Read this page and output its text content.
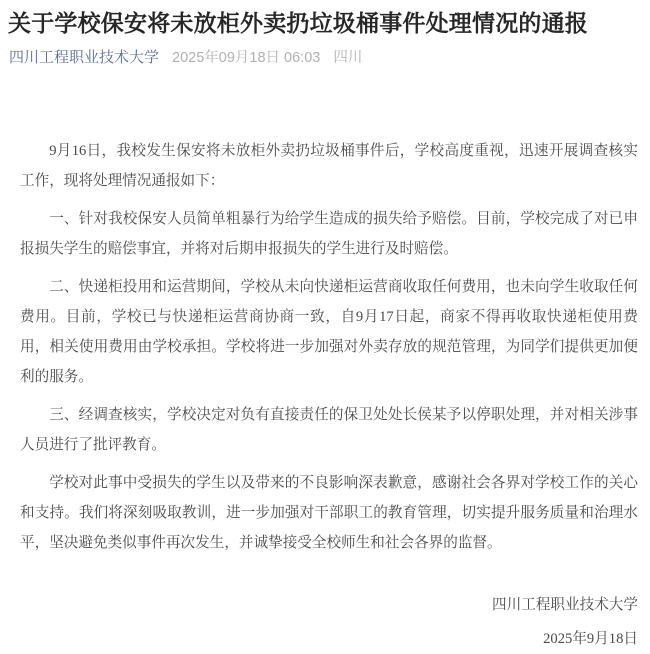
关于学校保安将未放柜外卖扔垃圾桶事件处理情况的通报
四川工程职业技术大学 2025年09月18日 06:03 四川

9月16日，我校发生保安将未放柜外卖扔垃圾桶事件后，学校高度重视，迅速开展调查核实工作，现将处理情况通报如下：

一、针对我校保安人员简单粗暴行为给学生造成的损失给予赔偿。目前，学校完成了对已申报损失学生的赔偿事宜，并将对后期申报损失的学生进行及时赔偿。

二、快递柜投用和运营期间，学校从未向快递柜运营商收取任何费用，也未向学生收取任何费用。目前，学校已与快递柜运营商协商一致，自9月17日起，商家不得再收取快递柜使用费用，相关使用费用由学校承担。学校将进一步加强对外卖存放的规范管理，为同学们提供更加便利的服务。

三、经调查核实，学校决定对负有直接责任的保卫处处长侯某予以停职处理，并对相关涉事人员进行了批评教育。

学校对此事中受损失的学生以及带来的不良影响深表歉意，感谢社会各界对学校工作的关心和支持。我们将深刻吸取教训，进一步加强对干部职工的教育管理，切实提升服务质量和治理水平，坚决避免类似事件再次发生，并诚挚接受全校师生和社会各界的监督。

四川工程职业技术大学

2025年9月18日
